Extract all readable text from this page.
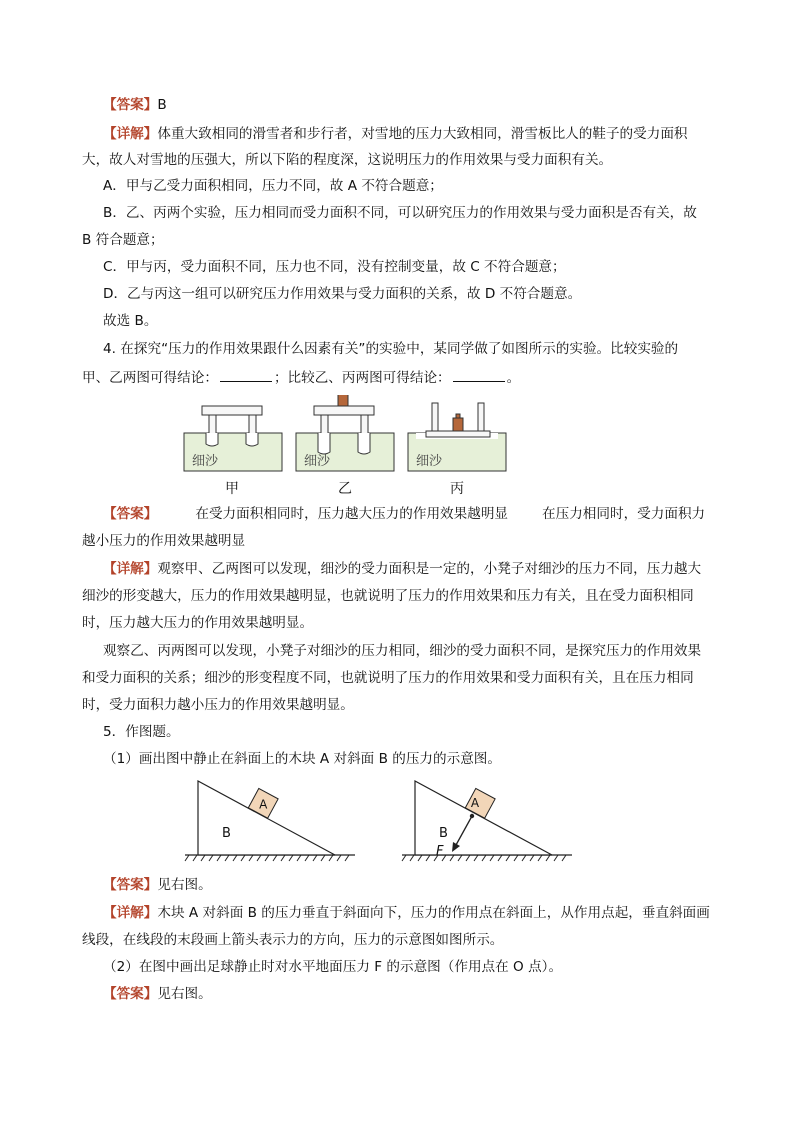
【答案】B
【详解】体重大致相同的滑雪者和步行者，对雪地的压力大致相同，滑雪板比人的鞋子的受力面积
大，故人对雪地的压强大，所以下陷的程度深，这说明压力的作用效果与受力面积有关。
A．甲与乙受力面积相同，压力不同，故 A 不符合题意；
B．乙、丙两个实验，压力相同而受力面积不同，可以研究压力的作用效果与受力面积是否有关，故
B 符合题意；
C．甲与丙，受力面积不同，压力也不同，没有控制变量，故 C 不符合题意；
D．乙与丙这一组可以研究压力作用效果与受力面积的关系，故 D 不符合题意。
故选 B。
4. 在探究“压力的作用效果跟什么因素有关”的实验中，某同学做了如图所示的实验。比较实验的
甲、乙两图可得结论：	；比较乙、丙两图可得结论：	。
细沙	细沙	细沙
甲	乙	丙
【答案】	在受力面积相同时，压力越大压力的作用效果越明显	在压力相同时，受力面积力
越小压力的作用效果越明显
【详解】观察甲、乙两图可以发现，细沙的受力面积是一定的，小凳子对细沙的压力不同，压力越大
细沙的形变越大，压力的作用效果越明显，也就说明了压力的作用效果和压力有关，且在受力面积相同
时，压力越大压力的作用效果越明显。
观察乙、丙两图可以发现，小凳子对细沙的压力相同，细沙的受力面积不同，是探究压力的作用效果
和受力面积的关系；细沙的形变程度不同，也就说明了压力的作用效果和受力面积有关，且在压力相同
时，受力面积力越小压力的作用效果越明显。
5．作图题。
（1）画出图中静止在斜面上的木块 A 对斜面 B 的压力的示意图。
A
B
A
B
F
【答案】见右图。
【详解】木块 A 对斜面 B 的压力垂直于斜面向下，压力的作用点在斜面上，从作用点起，垂直斜面画
线段，在线段的末段画上箭头表示力的方向，压力的示意图如图所示。
（2）在图中画出足球静止时对水平地面压力 F 的示意图（作用点在 O 点）。
【答案】见右图。
